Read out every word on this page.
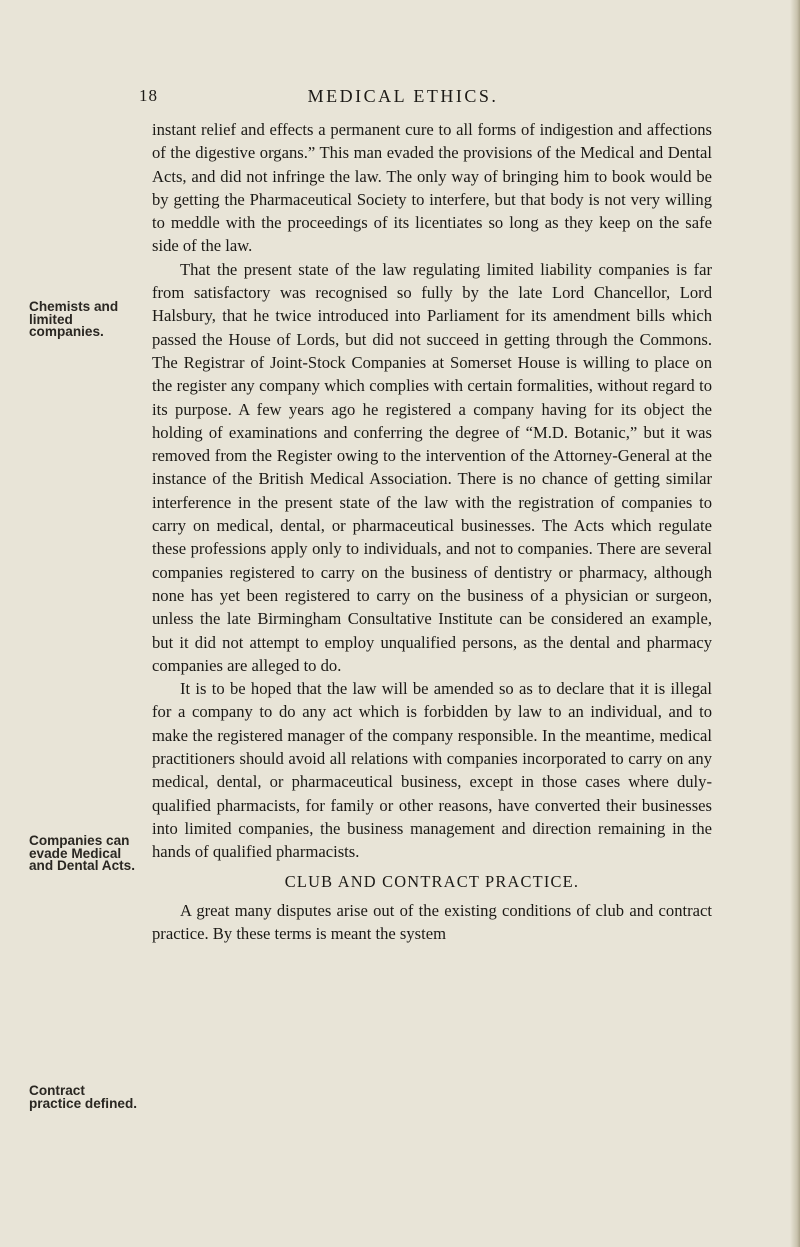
18	MEDICAL ETHICS.
Chemists and limited companies.
Companies can evade Medical and Dental Acts.
Contract practice defined.

instant relief and effects a permanent cure to all forms of indigestion and affections of the digestive organs.” This man evaded the provisions of the Medical and Dental Acts, and did not infringe the law. The only way of bringing him to book would be by getting the Pharmaceutical Society to interfere, but that body is not very willing to meddle with the proceedings of its licentiates so long as they keep on the safe side of the law.

That the present state of the law regulating limited liability companies is far from satisfactory was recognised so fully by the late Lord Chancellor, Lord Halsbury, that he twice introduced into Parliament for its amendment bills which passed the House of Lords, but did not succeed in getting through the Commons. The Registrar of Joint-Stock Companies at Somerset House is willing to place on the register any company which complies with certain formalities, without regard to its purpose. A few years ago he registered a company having for its object the holding of examinations and conferring the degree of “M.D. Botanic,” but it was removed from the Register owing to the intervention of the Attorney-General at the instance of the British Medical Association. There is no chance of getting similar interference in the present state of the law with the registration of companies to carry on medical, dental, or pharmaceutical businesses. The Acts which regulate these professions apply only to individuals, and not to companies. There are several companies registered to carry on the business of dentistry or pharmacy, although none has yet been registered to carry on the business of a physician or surgeon, unless the late Birmingham Consultative Institute can be considered an example, but it did not attempt to employ unqualified persons, as the dental and pharmacy companies are alleged to do.

It is to be hoped that the law will be amended so as to declare that it is illegal for a company to do any act which is forbidden by law to an individual, and to make the registered manager of the company responsible. In the meantime, medical practitioners should avoid all relations with companies incorporated to carry on any medical, dental, or pharmaceutical business, except in those cases where duly-qualified pharmacists, for family or other reasons, have converted their businesses into limited companies, the business management and direction remaining in the hands of qualified pharmacists.

CLUB AND CONTRACT PRACTICE.

A great many disputes arise out of the existing conditions of club and contract practice. By these terms is meant the system
